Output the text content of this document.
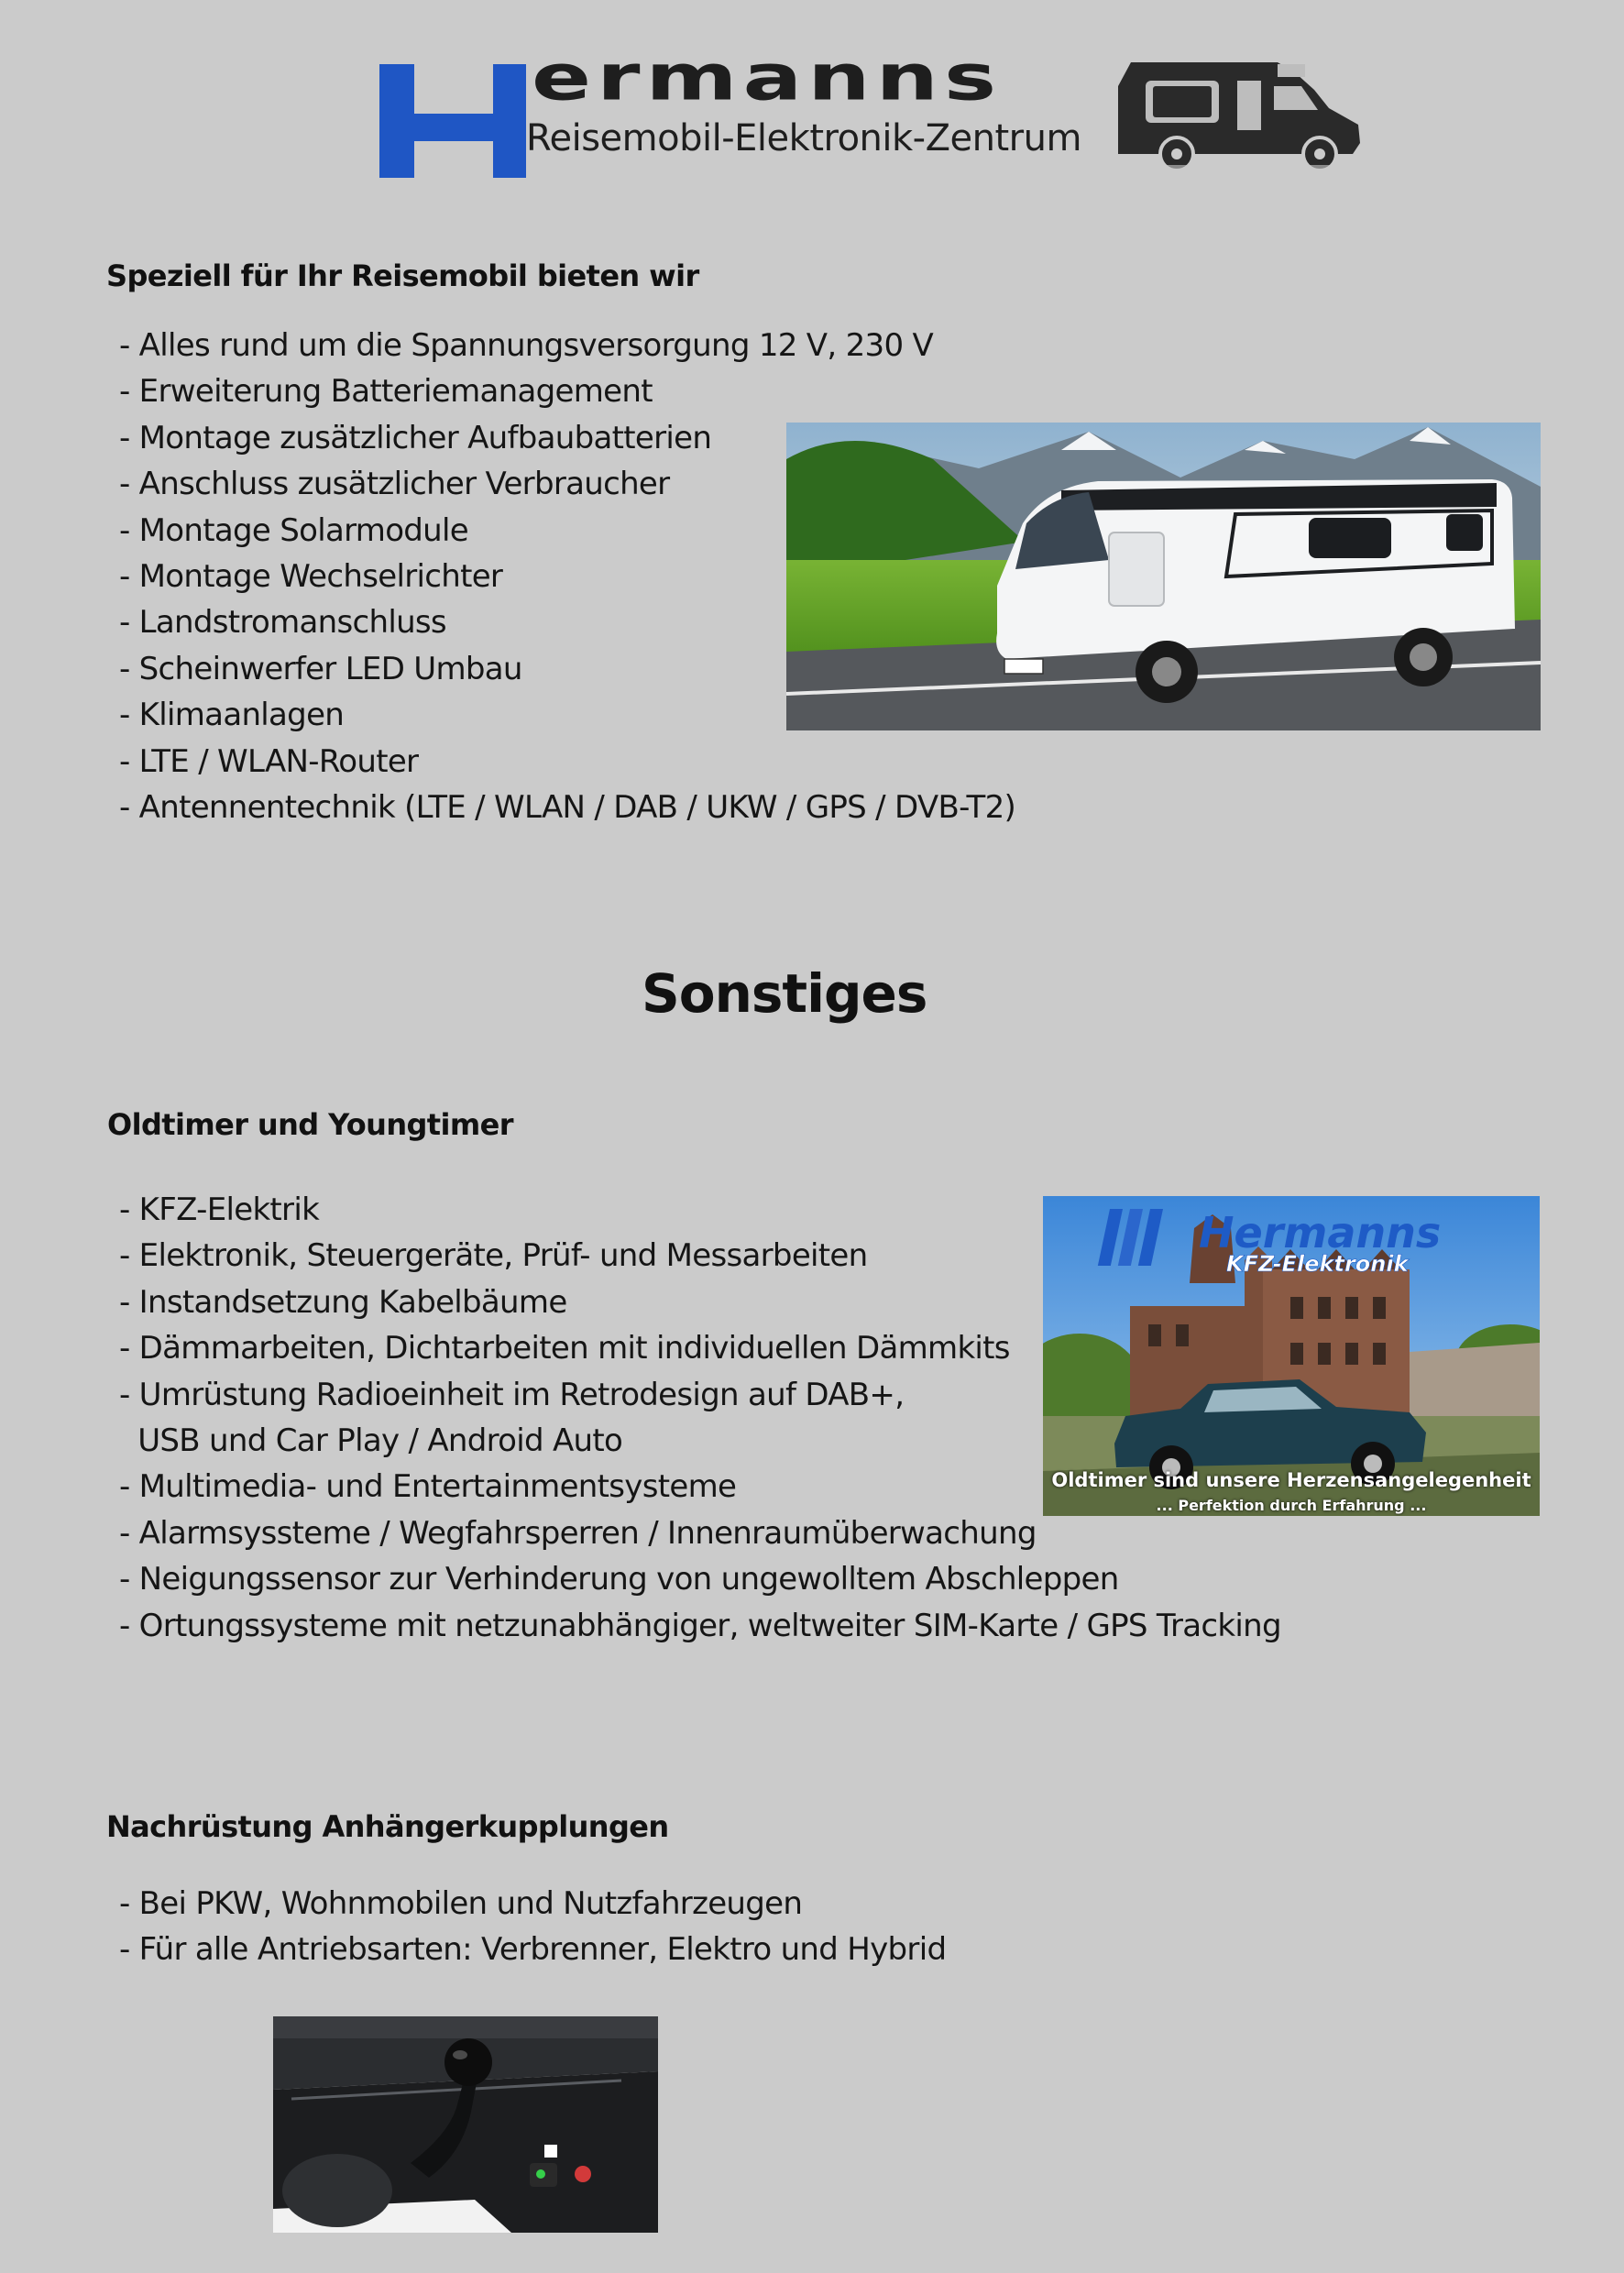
ermanns
Reisemobil-Elektronik-Zentrum
Speziell für Ihr Reisemobil bieten wir
- Alles rund um die Spannungsversorgung 12 V, 230 V
- Erweiterung Batteriemanagement
- Montage zusätzlicher Aufbaubatterien
- Anschluss zusätzlicher Verbraucher
- Montage Solarmodule
- Montage Wechselrichter
- Landstromanschluss
- Scheinwerfer LED Umbau
- Klimaanlagen
- LTE / WLAN-Router
- Antennentechnik (LTE / WLAN / DAB / UKW / GPS / DVB-T2)
Sonstiges
Oldtimer und Youngtimer
- KFZ-Elektrik
- Elektronik, Steuergeräte, Prüf- und Messarbeiten
- Instandsetzung Kabelbäume
- Dämmarbeiten, Dichtarbeiten mit individuellen Dämmkits
- Umrüstung Radioeinheit im Retrodesign auf DAB+,
USB und Car Play / Android Auto
- Multimedia- und Entertainmentsysteme
- Alarmsyssteme / Wegfahrsperren / Innenraumüberwachung
- Neigungssensor zur Verhinderung von ungewolltem Abschleppen
- Ortungssysteme mit netzunabhängiger, weltweiter SIM-Karte / GPS Tracking
Hermanns
KFZ-Elektronik
Oldtimer sind unsere Herzensangelegenheit
... Perfektion durch Erfahrung ...
Nachrüstung Anhängerkupplungen
- Bei PKW, Wohnmobilen und Nutzfahrzeugen
- Für alle Antriebsarten: Verbrenner, Elektro und Hybrid
